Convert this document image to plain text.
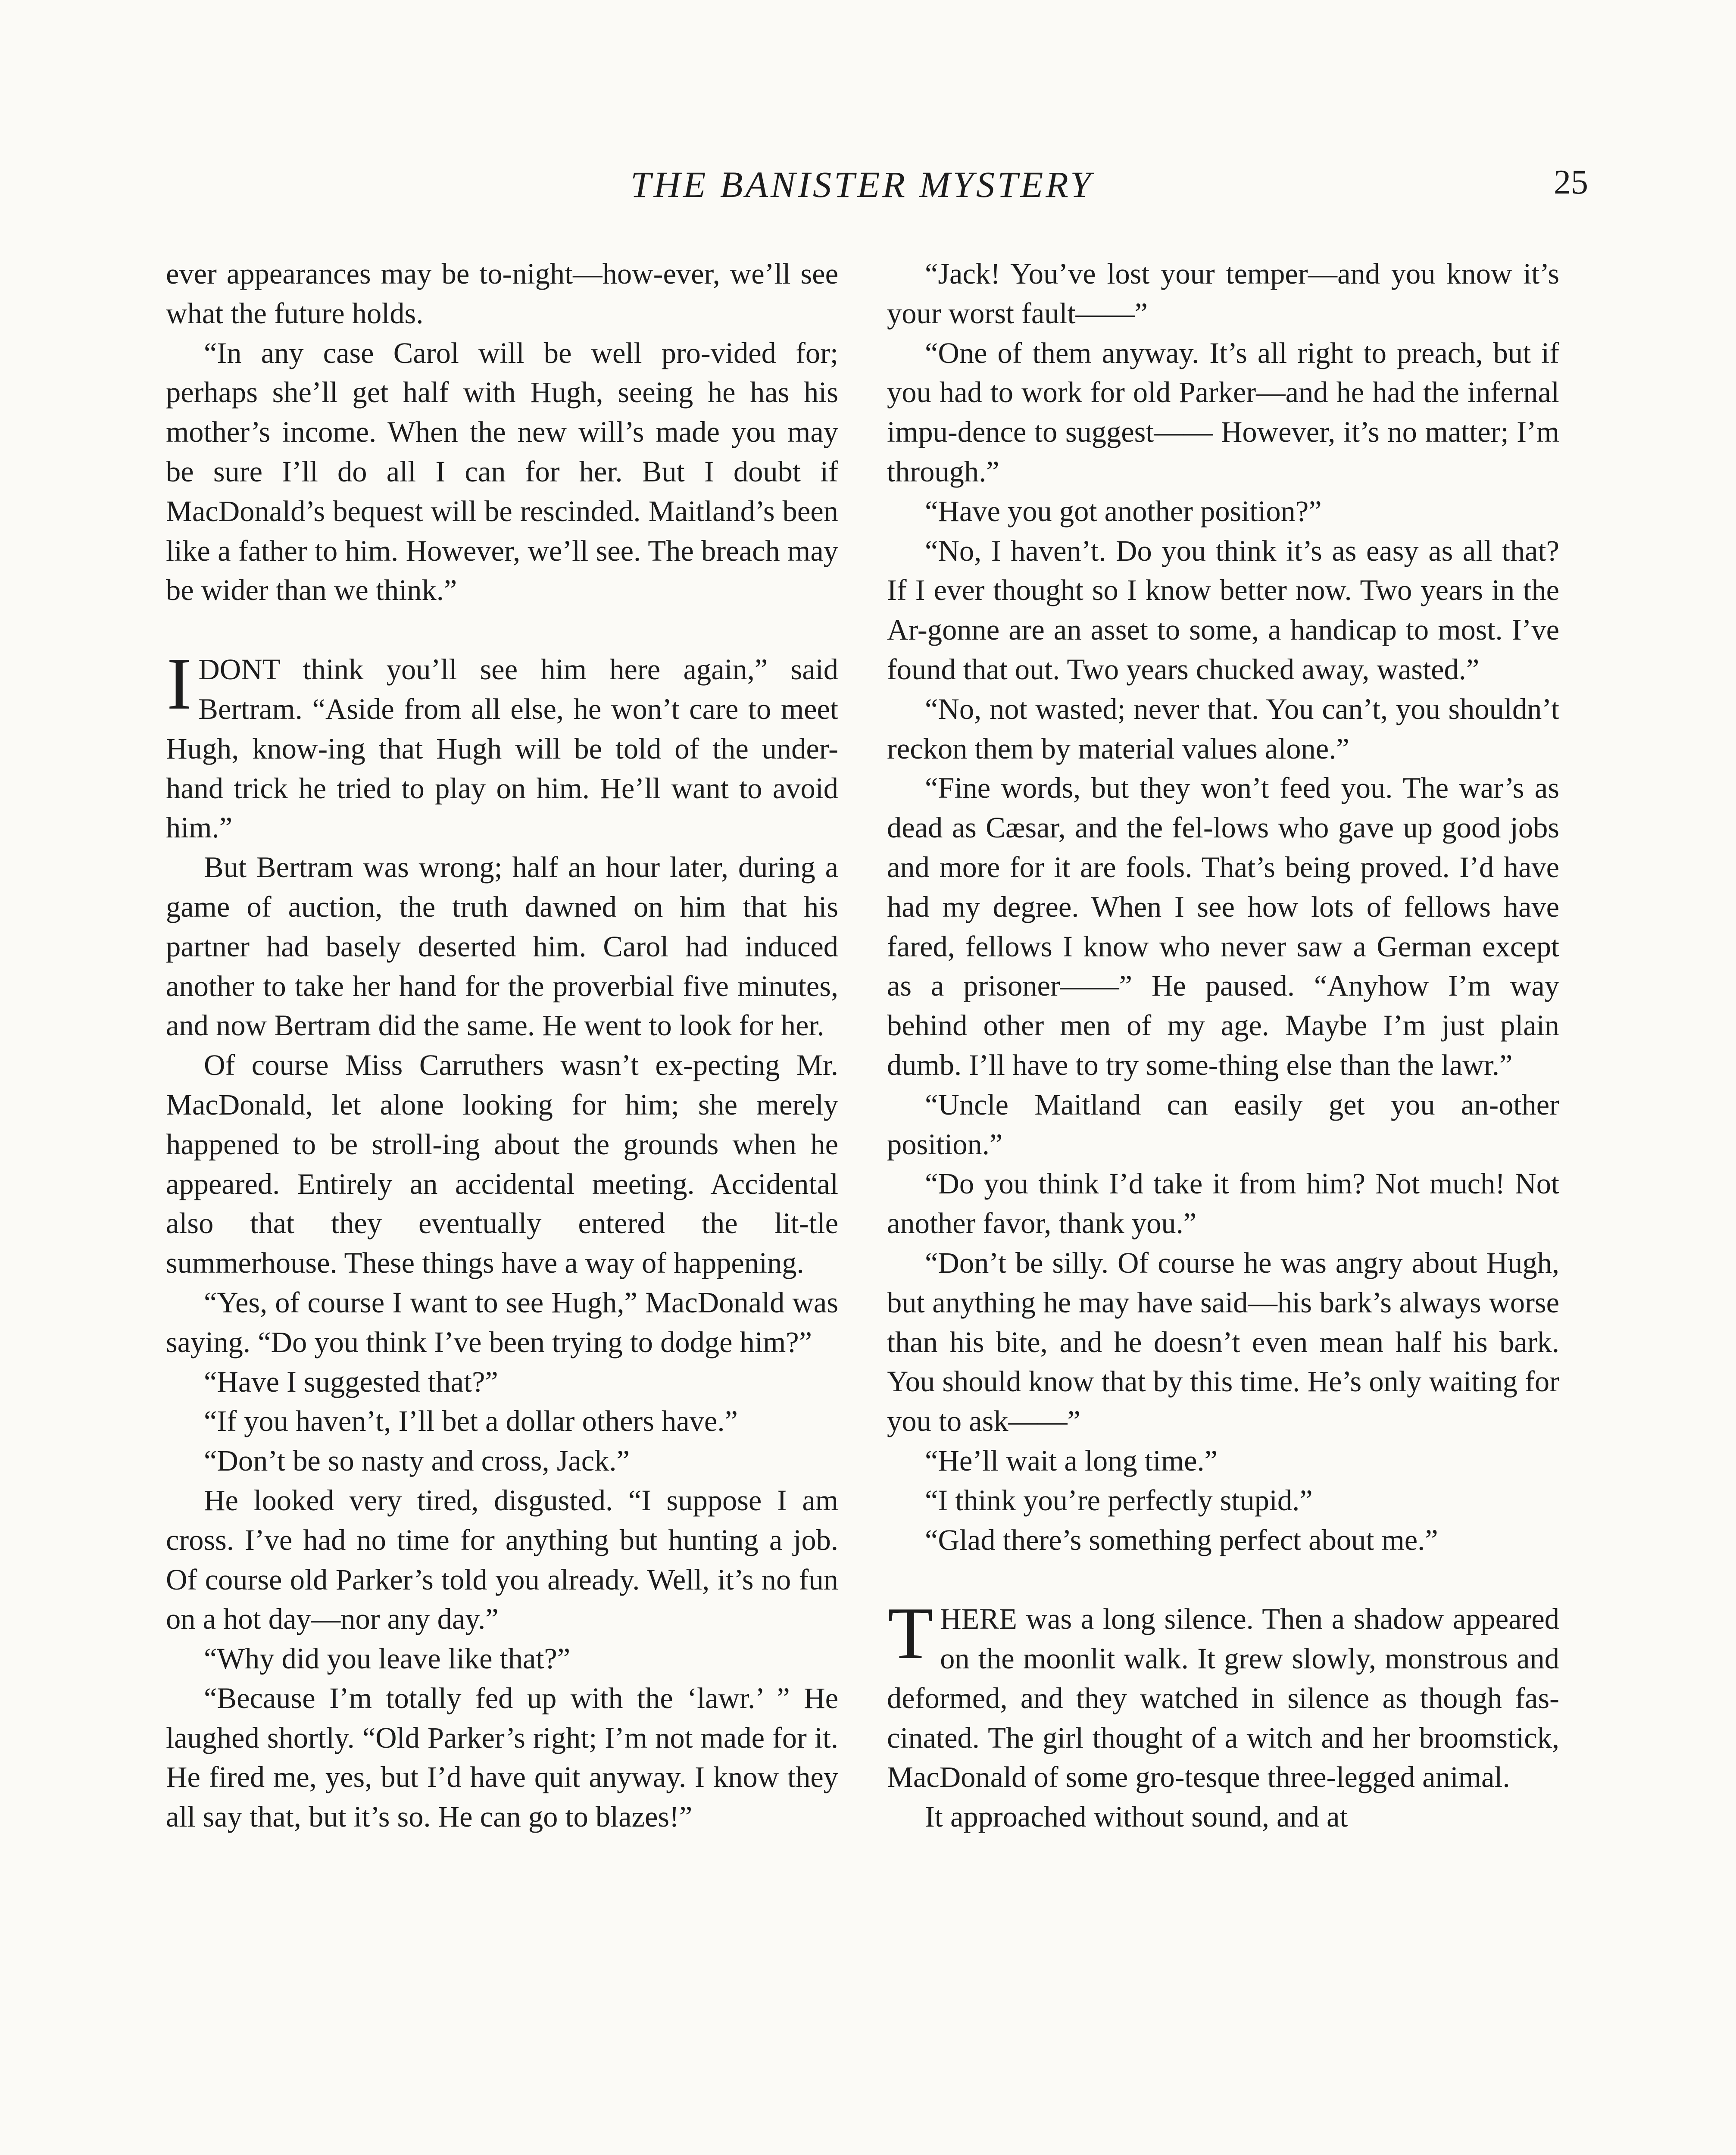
THE BANISTER MYSTERY	25

ever appearances may be to-night—how-ever, we’ll see what the future holds.

“In any case Carol will be well pro-vided for; perhaps she’ll get half with Hugh, seeing he has his mother’s income. When the new will’s made you may be sure I’ll do all I can for her. But I doubt if MacDonald’s bequest will be rescinded. Maitland’s been like a father to him. However, we’ll see. The breach may be wider than we think.”

IDONT think you’ll see him here again,” said Bertram. “Aside from all else, he won’t care to meet Hugh, know-ing that Hugh will be told of the under-hand trick he tried to play on him. He’ll want to avoid him.”

But Bertram was wrong; half an hour later, during a game of auction, the truth dawned on him that his partner had basely deserted him. Carol had induced another to take her hand for the proverbial five minutes, and now Bertram did the same. He went to look for her.

Of course Miss Carruthers wasn’t ex-pecting Mr. MacDonald, let alone looking for him; she merely happened to be stroll-ing about the grounds when he appeared. Entirely an accidental meeting. Accidental also that they eventually entered the lit-tle summerhouse. These things have a way of happening.

“Yes, of course I want to see Hugh,” MacDonald was saying. “Do you think I’ve been trying to dodge him?”

“Have I suggested that?”

“If you haven’t, I’ll bet a dollar others have.”

“Don’t be so nasty and cross, Jack.”

He looked very tired, disgusted. “I suppose I am cross. I’ve had no time for anything but hunting a job. Of course old Parker’s told you already. Well, it’s no fun on a hot day—nor any day.”

“Why did you leave like that?”

“Because I’m totally fed up with the ‘lawr.’ ” He laughed shortly. “Old Parker’s right; I’m not made for it. He fired me, yes, but I’d have quit anyway. I know they all say that, but it’s so. He can go to blazes!”

“Jack! You’ve lost your temper—and you know it’s your worst fault——”

“One of them anyway. It’s all right to preach, but if you had to work for old Parker—and he had the infernal impu-dence to suggest—— However, it’s no matter; I’m through.”

“Have you got another position?”

“No, I haven’t. Do you think it’s as easy as all that? If I ever thought so I know better now. Two years in the Ar-gonne are an asset to some, a handicap to most. I’ve found that out. Two years chucked away, wasted.”

“No, not wasted; never that. You can’t, you shouldn’t reckon them by material values alone.”

“Fine words, but they won’t feed you. The war’s as dead as Cæsar, and the fel-lows who gave up good jobs and more for it are fools. That’s being proved. I’d have had my degree. When I see how lots of fellows have fared, fellows I know who never saw a German except as a prisoner——” He paused. “Anyhow I’m way behind other men of my age. Maybe I’m just plain dumb. I’ll have to try some-thing else than the lawr.”

“Uncle Maitland can easily get you an-other position.”

“Do you think I’d take it from him? Not much! Not another favor, thank you.”

“Don’t be silly. Of course he was angry about Hugh, but anything he may have said—his bark’s always worse than his bite, and he doesn’t even mean half his bark. You should know that by this time. He’s only waiting for you to ask——”

“He’ll wait a long time.”

“I think you’re perfectly stupid.”

“Glad there’s something perfect about me.”

THERE was a long silence. Then a shadow appeared on the moonlit walk. It grew slowly, monstrous and deformed, and they watched in silence as though fas-cinated. The girl thought of a witch and her broomstick, MacDonald of some gro-tesque three-legged animal.

It approached without sound, and at
